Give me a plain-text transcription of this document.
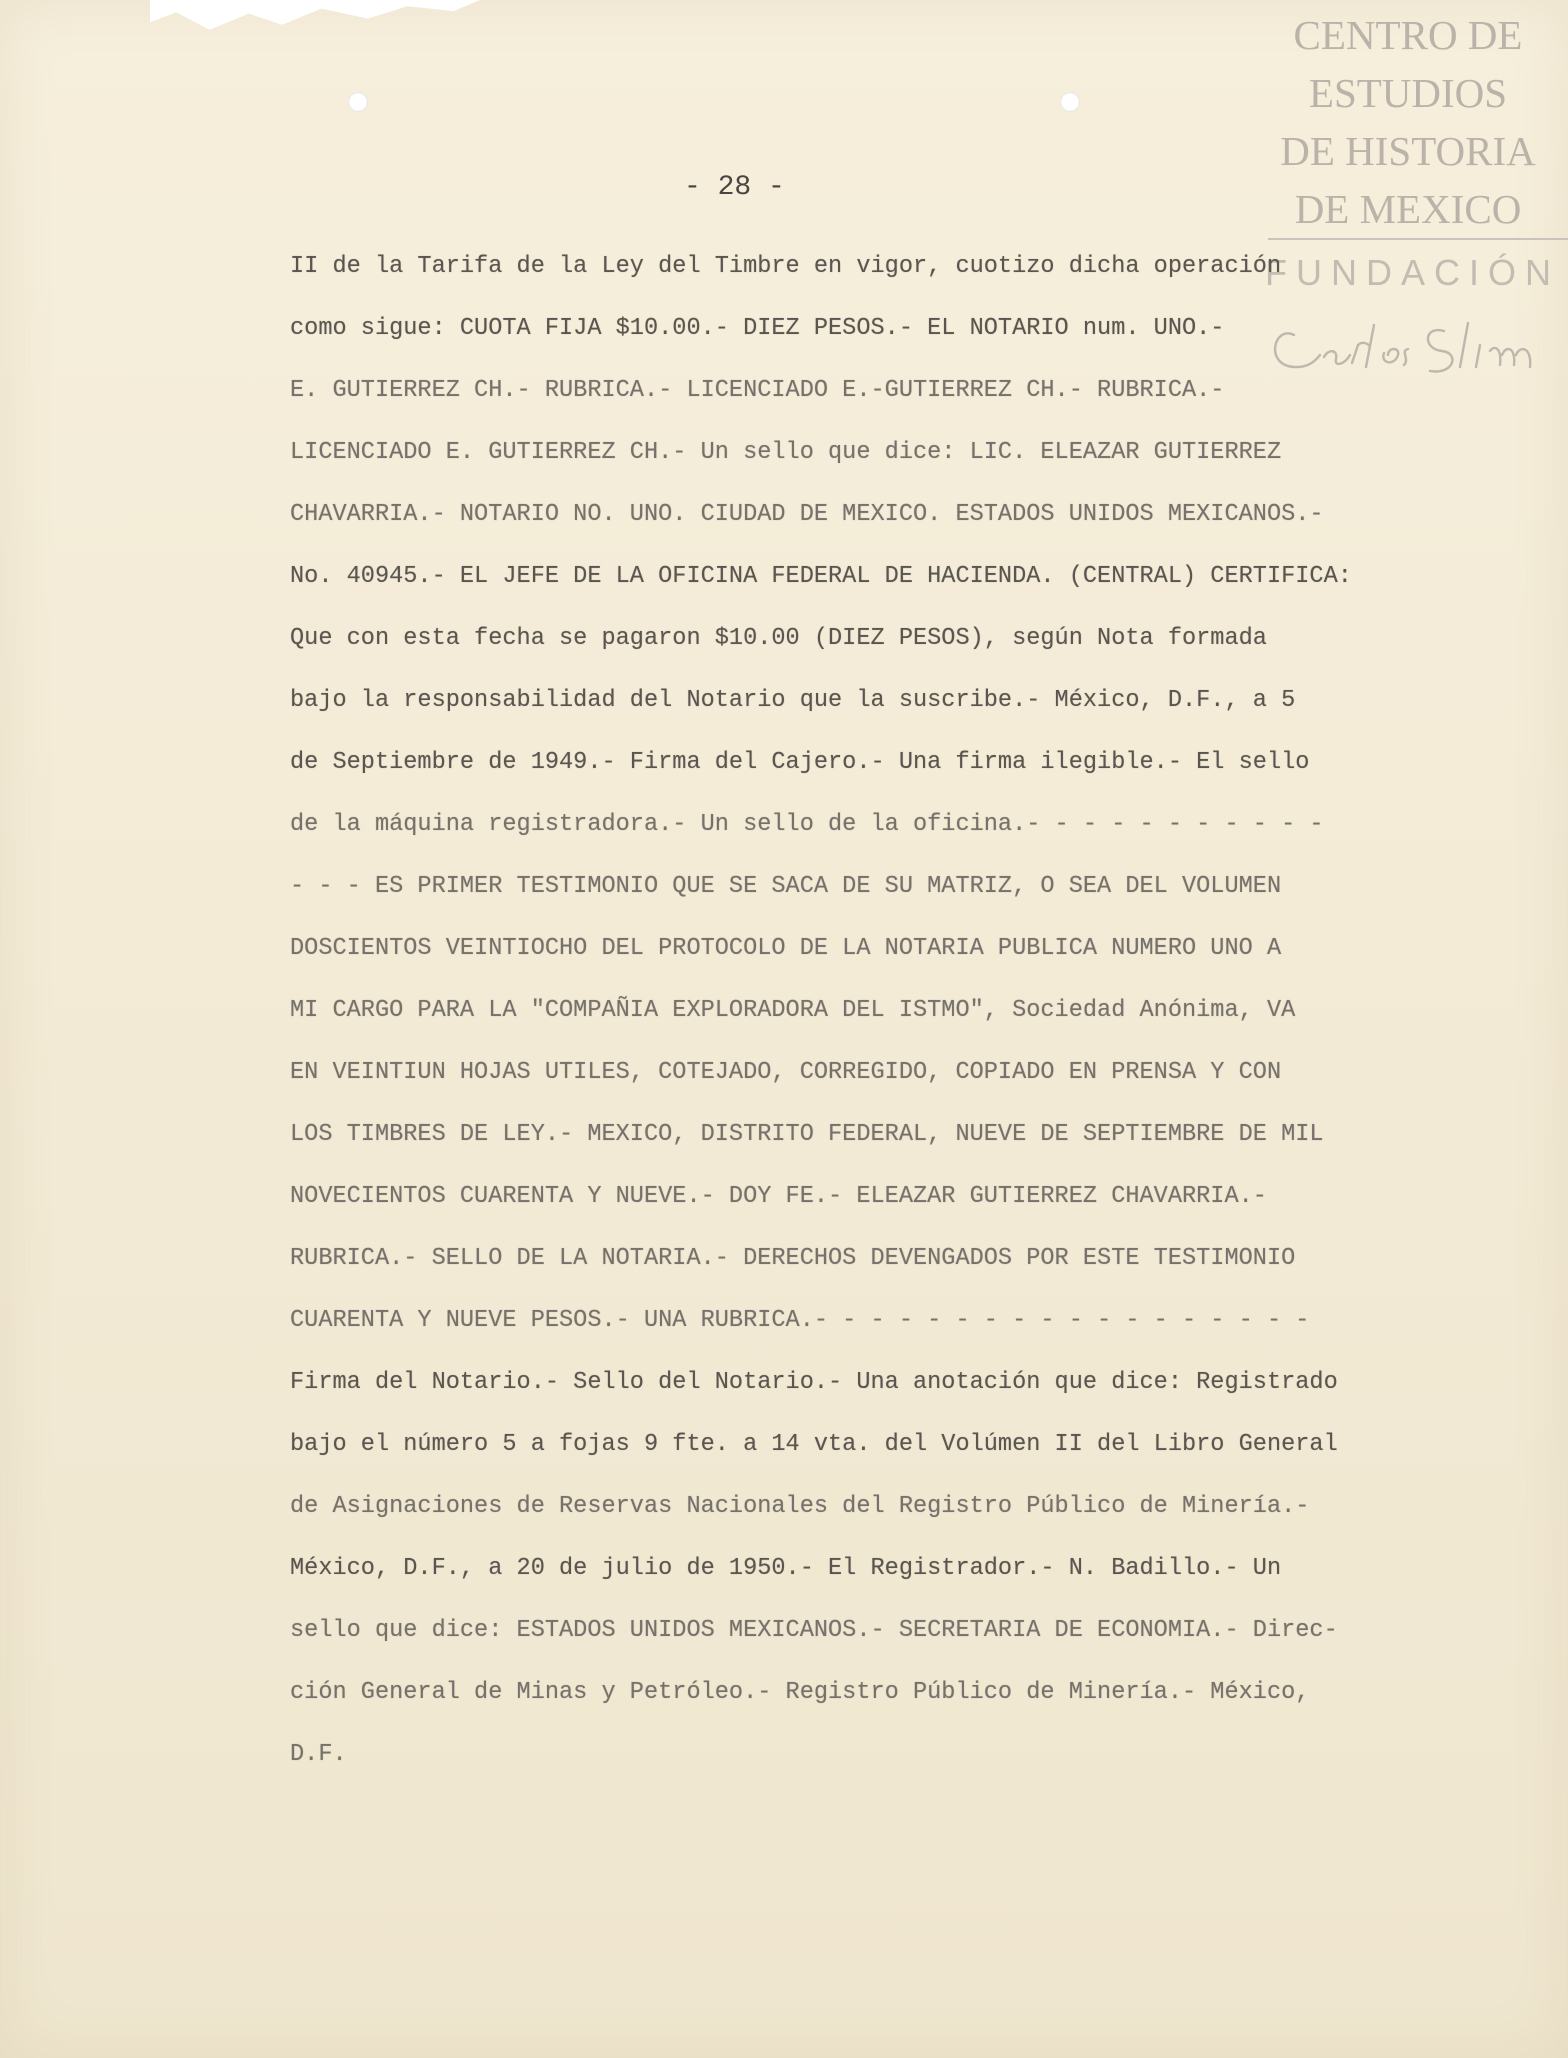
CENTRO DE
ESTUDIOS
DE HISTORIA
DE MEXICO
FUNDACIÓN
- 28 -
II de la Tarifa de la Ley del Timbre en vigor, cuotizo dicha operación
como sigue: CUOTA FIJA $10.00.- DIEZ PESOS.- EL NOTARIO num. UNO.-
E. GUTIERREZ CH.- RUBRICA.- LICENCIADO E.-GUTIERREZ CH.- RUBRICA.-
LICENCIADO E. GUTIERREZ CH.- Un sello que dice: LIC. ELEAZAR GUTIERREZ
CHAVARRIA.- NOTARIO NO. UNO. CIUDAD DE MEXICO. ESTADOS UNIDOS MEXICANOS.-
No. 40945.- EL JEFE DE LA OFICINA FEDERAL DE HACIENDA. (CENTRAL) CERTIFICA:
Que con esta fecha se pagaron $10.00 (DIEZ PESOS), según Nota formada
bajo la responsabilidad del Notario que la suscribe.- México, D.F., a 5
de Septiembre de 1949.- Firma del Cajero.- Una firma ilegible.- El sello
de la máquina registradora.- Un sello de la oficina.- - - - - - - - - - -
- - - ES PRIMER TESTIMONIO QUE SE SACA DE SU MATRIZ, O SEA DEL VOLUMEN
DOSCIENTOS VEINTIOCHO DEL PROTOCOLO DE LA NOTARIA PUBLICA NUMERO UNO A
MI CARGO PARA LA "COMPAÑIA EXPLORADORA DEL ISTMO", Sociedad Anónima, VA
EN VEINTIUN HOJAS UTILES, COTEJADO, CORREGIDO, COPIADO EN PRENSA Y CON
LOS TIMBRES DE LEY.- MEXICO, DISTRITO FEDERAL, NUEVE DE SEPTIEMBRE DE MIL
NOVECIENTOS CUARENTA Y NUEVE.- DOY FE.- ELEAZAR GUTIERREZ CHAVARRIA.-
RUBRICA.- SELLO DE LA NOTARIA.- DERECHOS DEVENGADOS POR ESTE TESTIMONIO
CUARENTA Y NUEVE PESOS.- UNA RUBRICA.- - - - - - - - - - - - - - - - - -
Firma del Notario.- Sello del Notario.- Una anotación que dice: Registrado
bajo el número 5 a fojas 9 fte. a 14 vta. del Volúmen II del Libro General
de Asignaciones de Reservas Nacionales del Registro Público de Minería.-
México, D.F., a 20 de julio de 1950.- El Registrador.- N. Badillo.- Un
sello que dice: ESTADOS UNIDOS MEXICANOS.- SECRETARIA DE ECONOMIA.- Direc-
ción General de Minas y Petróleo.- Registro Público de Minería.- México,
D.F.
